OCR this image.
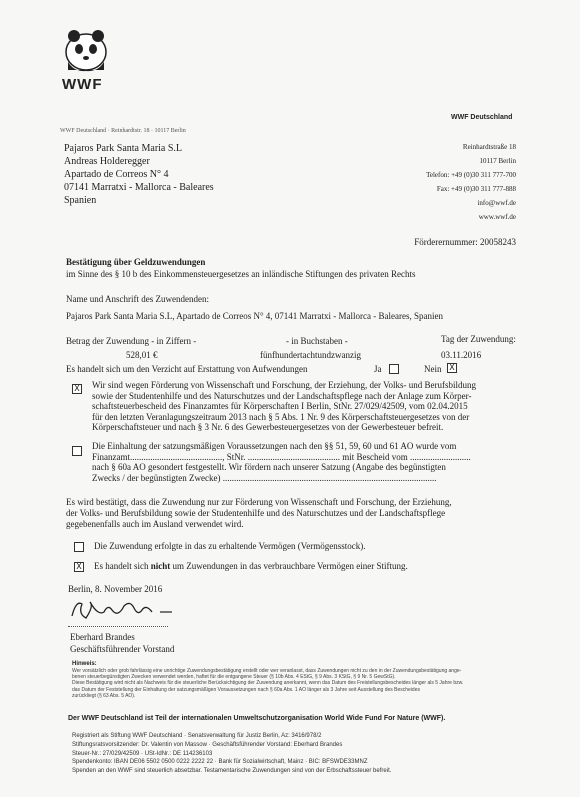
WWF
WWF Deutschland
WWF Deutschland · Reinhardtstr. 18 · 10117 Berlin
Reinhardtstraße 18
10117 Berlin
Telefon: +49 (0)30 311 777-700
Fax: +49 (0)30 311 777-888
info@wwf.de
www.wwf.de
Pajaros Park Santa Maria S.L
Andreas Holderegger
Apartado de Correos N° 4
07141 Marratxi - Mallorca - Baleares
Spanien
Förderernummer: 20058243
Bestätigung über Geldzuwendungen
im Sinne des § 10 b des Einkommensteuergesetzes an inländische Stiftungen des privaten Rechts
Name und Anschrift des Zuwendenden:
Pajaros Park Santa Maria S.L, Apartado de Correos N° 4, 07141 Marratxi - Mallorca - Baleares, Spanien
Betrag der Zuwendung - in Ziffern -	- in Buchstaben -	Tag der Zuwendung:
528,01 €	fünfhundertachtundzwanzig	03.11.2016
Es handelt sich um den Verzicht auf Erstattung von Aufwendungen	Ja	Nein X
X Wir sind wegen Förderung von Wissenschaft und Forschung, der Erziehung, der Volks- und Berufsbildung
sowie der Studentenhilfe und des Naturschutzes und der Landschaftspflege nach der Anlage zum Körper-
schaftsteuerbescheid des Finanzamtes für Körperschaften I Berlin, StNr. 27/029/42509, vom 02.04.2015
für den letzten Veranlagungszeitraum 2013 nach § 5 Abs. 1 Nr. 9 des Körperschaftsteuergesetzes von der
Körperschaftsteuer und nach § 3 Nr. 6 des Gewerbesteuergesetzes von der Gewerbesteuer befreit.
Die Einhaltung der satzungsmäßigen Voraussetzungen nach den §§ 51, 59, 60 und 61 AO wurde vom
Finanzamt........................................., StNr. ......................................... mit Bescheid vom ...........................
nach § 60a AO gesondert festgestellt. Wir fördern nach unserer Satzung (Angabe des begünstigten
Zwecks / der begünstigten Zwecke) ...............................................................................................
Es wird bestätigt, dass die Zuwendung nur zur Förderung von Wissenschaft und Forschung, der Erziehung,
der Volks- und Berufsbildung sowie der Studentenhilfe und des Naturschutzes und der Landschaftspflege
gegebenenfalls auch im Ausland verwendet wird.
Die Zuwendung erfolgte in das zu erhaltende Vermögen (Vermögensstock).
X Es handelt sich nicht um Zuwendungen in das verbrauchbare Vermögen einer Stiftung.
Berlin, 8. November 2016
Eberhard Brandes
Geschäftsführender Vorstand
Hinweis:
Wer vorsätzlich oder grob fahrlässig eine unrichtige Zuwendungsbestätigung erstellt oder wer veranlasst, dass Zuwendungen nicht zu den in der Zuwendungsbestätigung ange-
benen steuerbegünstigten Zwecken verwendet werden, haftet für die entgangene Steuer (§ 10b Abs. 4 EStG, § 9 Abs. 3 KStG, § 9 Nr. 5 GewStG).
Diese Bestätigung wird nicht als Nachweis für die steuerliche Berücksichtigung der Zuwendung anerkannt, wenn das Datum des Freistellungsbescheides länger als 5 Jahre bzw.
das Datum der Feststellung der Einhaltung der satzungsmäßigen Voraussetzungen nach § 60a Abs. 1 AO länger als 3 Jahre seit Ausstellung des Bescheides
zurückliegt (§ 63 Abs. 5 AO).
Der WWF Deutschland ist Teil der internationalen Umweltschutzorganisation World Wide Fund For Nature (WWF).
Registriert als Stiftung WWF Deutschland · Senatsverwaltung für Justiz Berlin, Az: 3416/978/2
Stiftungsratsvorsitzender: Dr. Valentin von Massow · Geschäftsführender Vorstand: Eberhard Brandes
Steuer-Nr.: 27/029/42509 · USt-IdNr.: DE 114236103
Spendenkonto: IBAN DE06 5502 0500 0222 2222 22 · Bank für Sozialwirtschaft, Mainz · BIC: BFSWDE33MNZ
Spenden an den WWF sind steuerlich absetzbar. Testamentarische Zuwendungen sind von der Erbschaftssteuer befreit.
